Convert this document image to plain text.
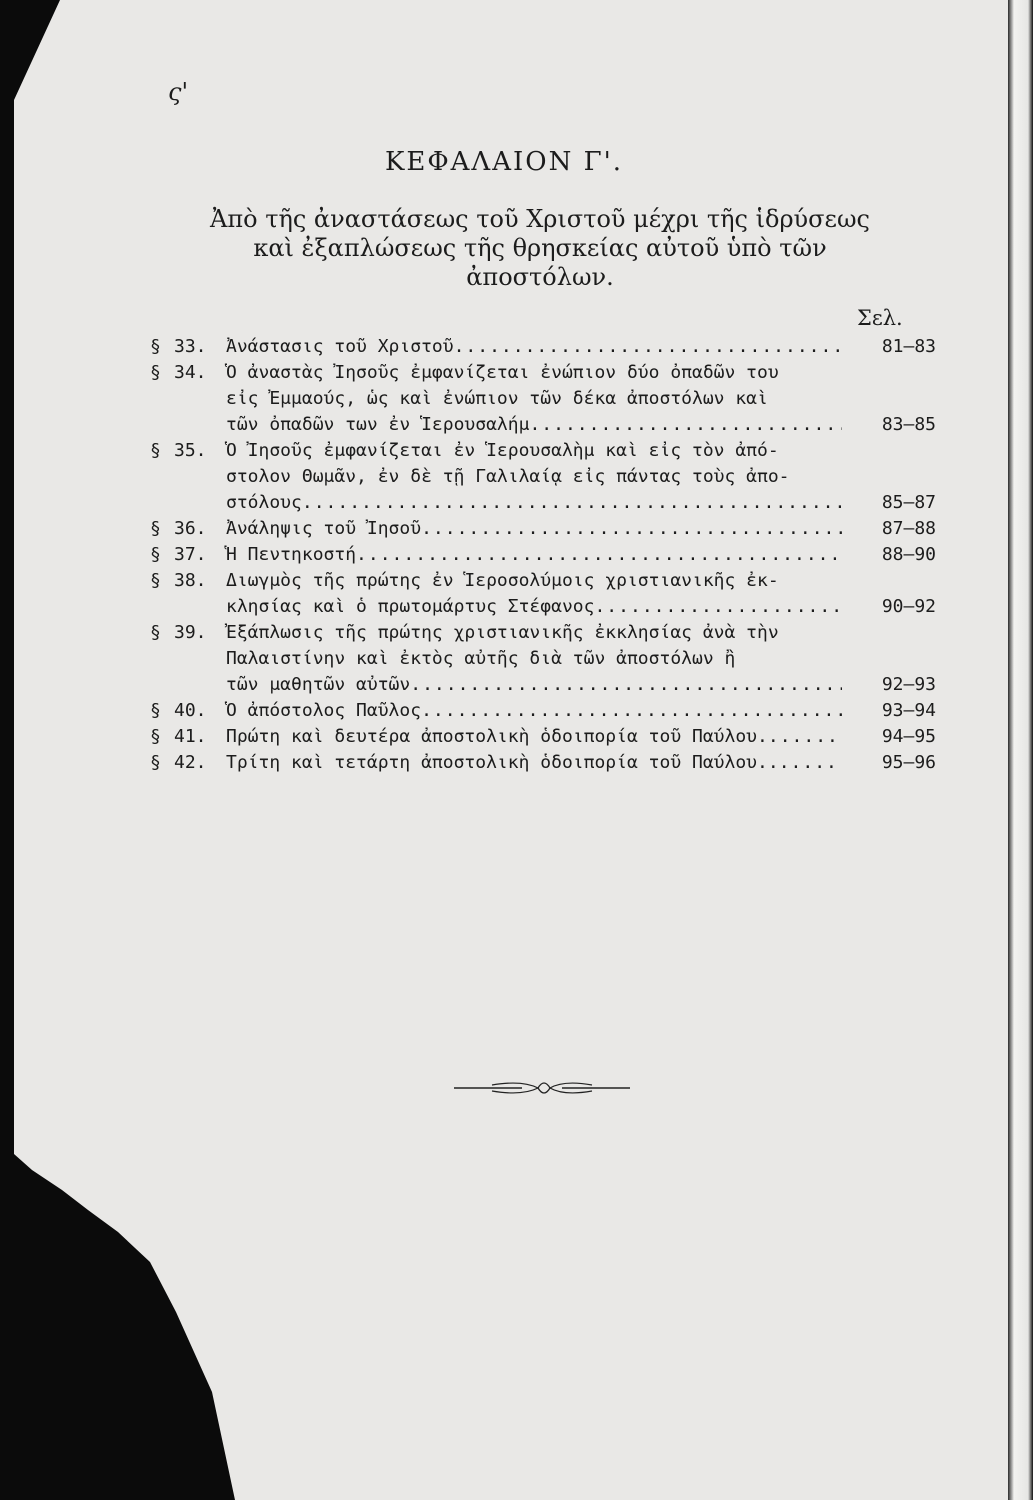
ς'
ΚΕΦΑΛΑΙΟΝ Γ'.
Ἀπὸ τῆς ἀναστάσεως τοῦ Χριστοῦ μέχρι τῆς ἱδρύσεως
καὶ ἐξαπλώσεως τῆς θρησκείας αὐτοῦ ὑπὸ τῶν
ἀποστόλων.
Σελ.
§ 33.	Ἀνάστασις τοῦ Χριστοῦ .....	81—83
§ 34.	Ὁ ἀναστὰς Ἰησοῦς ἐμφανίζεται ἐνώπιον δύο ὀπαδῶν του
εἰς Ἐμμαούς, ὡς καὶ ἐνώπιον τῶν δέκα ἀποστόλων καὶ
τῶν ὀπαδῶν των ἐν Ἱερουσαλήμ .....	83—85
§ 35.	Ὁ Ἰησοῦς ἐμφανίζεται ἐν Ἱερουσαλὴμ καὶ εἰς τὸν ἀπό-
στολον Θωμᾶν, ἐν δὲ τῇ Γαλιλαίᾳ εἰς πάντας τοὺς ἀπο-
στόλους .....	85—87
§ 36.	Ἀνάληψις τοῦ Ἰησοῦ .....	87—88
§ 37.	Ἡ Πεντηκοστή .....	88—90
§ 38.	Διωγμὸς τῆς πρώτης ἐν Ἱεροσολύμοις χριστιανικῆς ἐκ-
κλησίας καὶ ὁ πρωτομάρτυς Στέφανος .....	90—92
§ 39.	Ἐξάπλωσις τῆς πρώτης χριστιανικῆς ἐκκλησίας ἀνὰ τὴν
Παλαιστίνην καὶ ἐκτὸς αὐτῆς διὰ τῶν ἀποστόλων ἢ
τῶν μαθητῶν αὐτῶν .....	92—93
§ 40.	Ὁ ἀπόστολος Παῦλος .....	93—94
§ 41.	Πρώτη καὶ δευτέρα ἀποστολικὴ ὁδοιπορία τοῦ Παύλου. .....	94—95
§ 42.	Τρίτη καὶ τετάρτη ἀποστολικὴ ὁδοιπορία τοῦ Παύλου.. .....	95—96
